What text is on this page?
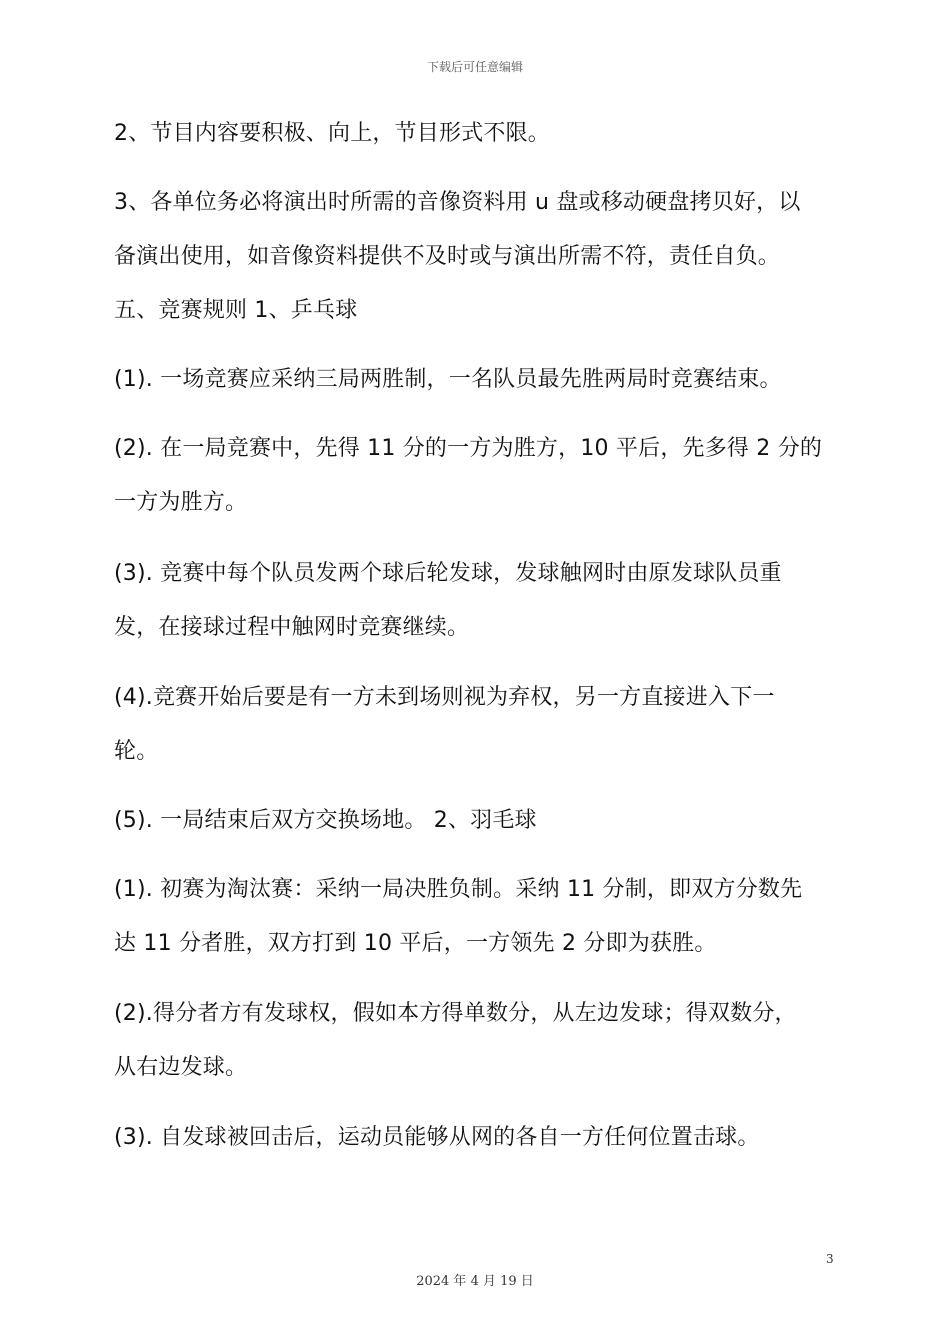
下载后可任意编辑
2、节目内容要积极、向上，节目形式不限。
3、各单位务必将演出时所需的音像资料用 u 盘或移动硬盘拷贝好，以
备演出使用，如音像资料提供不及时或与演出所需不符，责任自负。
五、竞赛规则 1、乒乓球
(1). 一场竞赛应采纳三局两胜制，一名队员最先胜两局时竞赛结束。
(2). 在一局竞赛中，先得 11 分的一方为胜方，10 平后，先多得 2 分的
一方为胜方。
(3). 竞赛中每个队员发两个球后轮发球，发球触网时由原发球队员重
发，在接球过程中触网时竞赛继续。
(4).竞赛开始后要是有一方未到场则视为弃权，另一方直接进入下一
轮。
(5). 一局结束后双方交换场地。 2、羽毛球
(1). 初赛为淘汰赛：采纳一局决胜负制。采纳 11 分制，即双方分数先
达 11 分者胜，双方打到 10 平后，一方领先 2 分即为获胜。
(2).得分者方有发球权，假如本方得单数分，从左边发球；得双数分，
从右边发球。
(3). 自发球被回击后，运动员能够从网的各自一方任何位置击球。
3
2024 年 4 月 19 日
